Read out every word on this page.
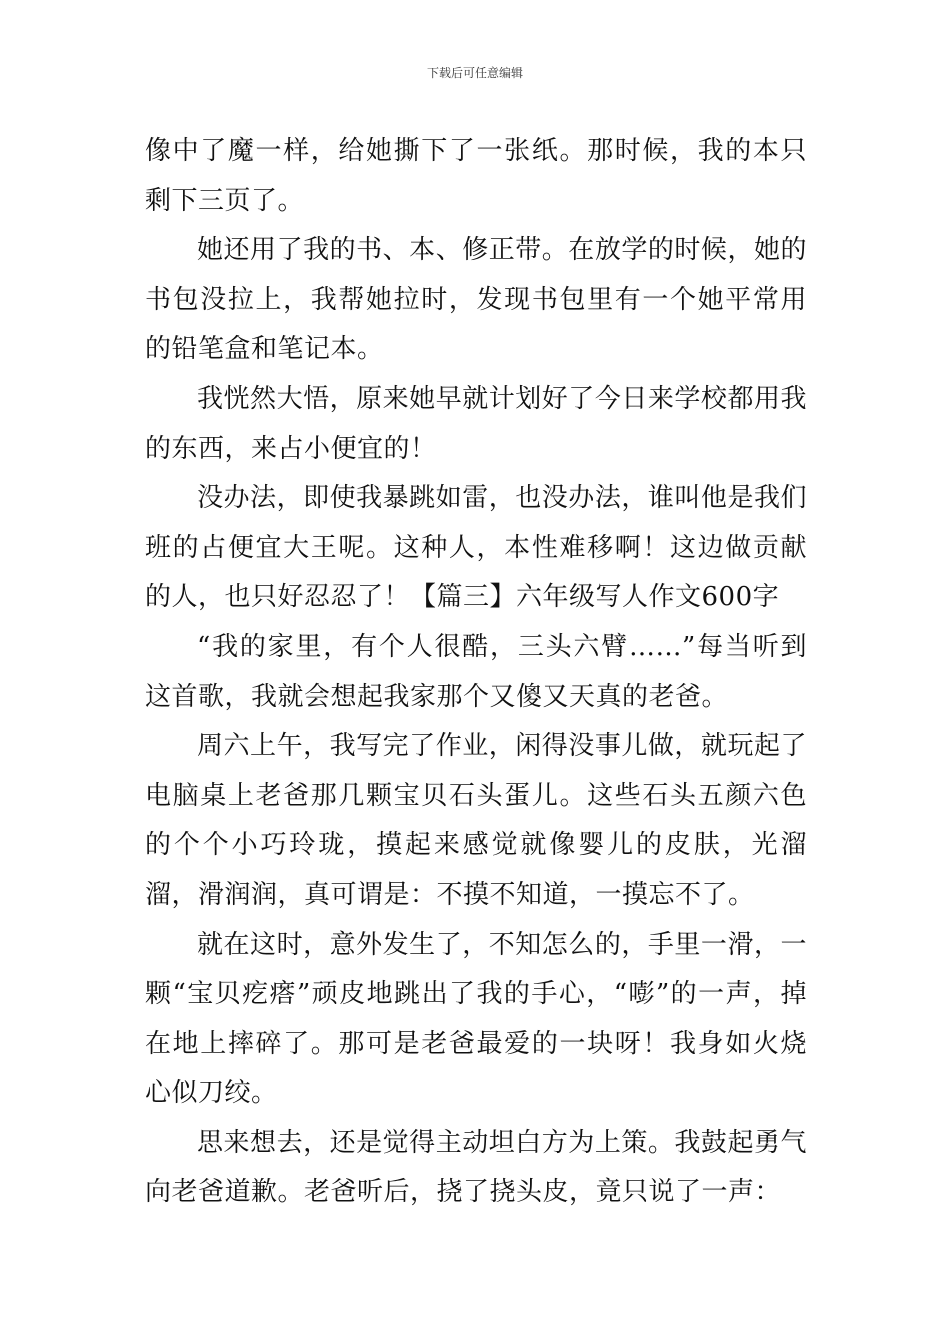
下载后可任意编辑

像中了魔一样，给她撕下了一张纸。那时候，我的本只剩下三页了。

她还用了我的书、本、修正带。在放学的时候，她的书包没拉上，我帮她拉时，发现书包里有一个她平常用的铅笔盒和笔记本。

我恍然大悟，原来她早就计划好了今日来学校都用我的东西，来占小便宜的！

没办法，即使我暴跳如雷，也没办法，谁叫他是我们班的占便宜大王呢。这种人，本性难移啊！这边做贡献的人，也只好忍忍了！【篇三】六年级写人作文600字

“我的家里，有个人很酷，三头六臂……”每当听到这首歌，我就会想起我家那个又傻又天真的老爸。

周六上午，我写完了作业，闲得没事儿做，就玩起了电脑桌上老爸那几颗宝贝石头蛋儿。这些石头五颜六色的个个小巧玲珑，摸起来感觉就像婴儿的皮肤，光溜溜，滑润润，真可谓是：不摸不知道，一摸忘不了。

就在这时，意外发生了，不知怎么的，手里一滑，一颗“宝贝疙瘩”顽皮地跳出了我的手心，“嘭”的一声，掉在地上摔碎了。那可是老爸最爱的一块呀！我身如火烧心似刀绞。

思来想去，还是觉得主动坦白方为上策。我鼓起勇气向老爸道歉。老爸听后，挠了挠头皮，竟只说了一声：
